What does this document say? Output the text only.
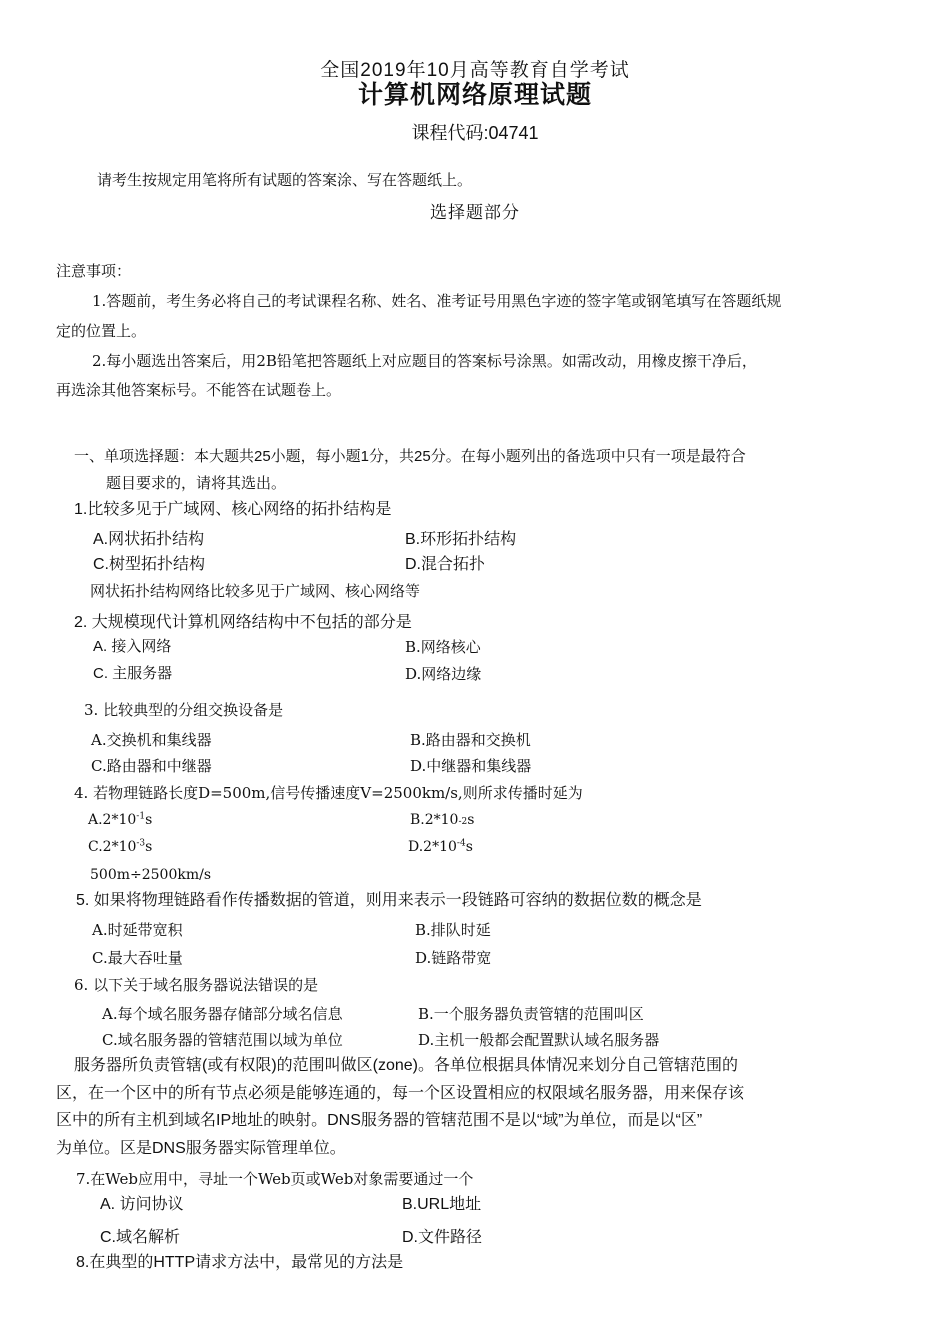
全国2019年10月高等教育自学考试
计算机网络原理试题
课程代码:04741
请考生按规定用笔将所有试题的答案涂、写在答题纸上。
选择题部分
注意事项：
1.答题前，考生务必将自己的考试课程名称、姓名、准考证号用黑色字迹的签字笔或钢笔填写在答题纸规
定的位置上。
2.每小题选出答案后，用2B铅笔把答题纸上对应题目的答案标号涂黑。如需改动，用橡皮擦干净后，
再选涂其他答案标号。不能答在试题卷上。
一、单项选择题：本大题共25小题，每小题1分，共25分。在每小题列出的备选项中只有一项是最符合
题目要求的，请将其选出。
1.比较多见于广域网、核心网络的拓扑结构是
A.网状拓扑结构	B.环形拓扑结构
C.树型拓扑结构	D.混合拓扑
网状拓扑结构网络比较多见于广域网、核心网络等
2. 大规模现代计算机网络结构中不包括的部分是
A. 接入网络	B.网络核心
C. 主服务器	D.网络边缘
3. 比较典型的分组交换设备是
A.交换机和集线器	B.路由器和交换机
C.路由器和中继器	D.中继器和集线器
4. 若物理链路长度D=500m,信号传播速度V=2500km/s,则所求传播时延为
$A.2*10^{-1}s$	B.2*10-2s
$C.2*10^{-3}s$	$D.2*10^{-4}s$
500m÷2500km/s
5. 如果将物理链路看作传播数据的管道，则用来表示一段链路可容纳的数据位数的概念是
A.时延带宽积	B.排队时延
C.最大吞吐量	D.链路带宽
6. 以下关于域名服务器说法错误的是
A.每个域名服务器存储部分域名信息	B.一个服务器负责管辖的范围叫区
C.域名服务器的管辖范围以域为单位	D.主机一般都会配置默认域名服务器
服务器所负责管辖(或有权限)的范围叫做区(zone)。各单位根据具体情况来划分自己管辖范围的
区，在一个区中的所有节点必须是能够连通的，每一个区设置相应的权限域名服务器，用来保存该
区中的所有主机到域名IP地址的映射。DNS服务器的管辖范围不是以“域”为单位，而是以“区”
为单位。区是DNS服务器实际管理单位。
7.在Web应用中，寻址一个Web页或Web对象需要通过一个
A. 访问协议	B.URL地址
C.域名解析	D.文件路径
8.在典型的HTTP请求方法中，最常见的方法是
